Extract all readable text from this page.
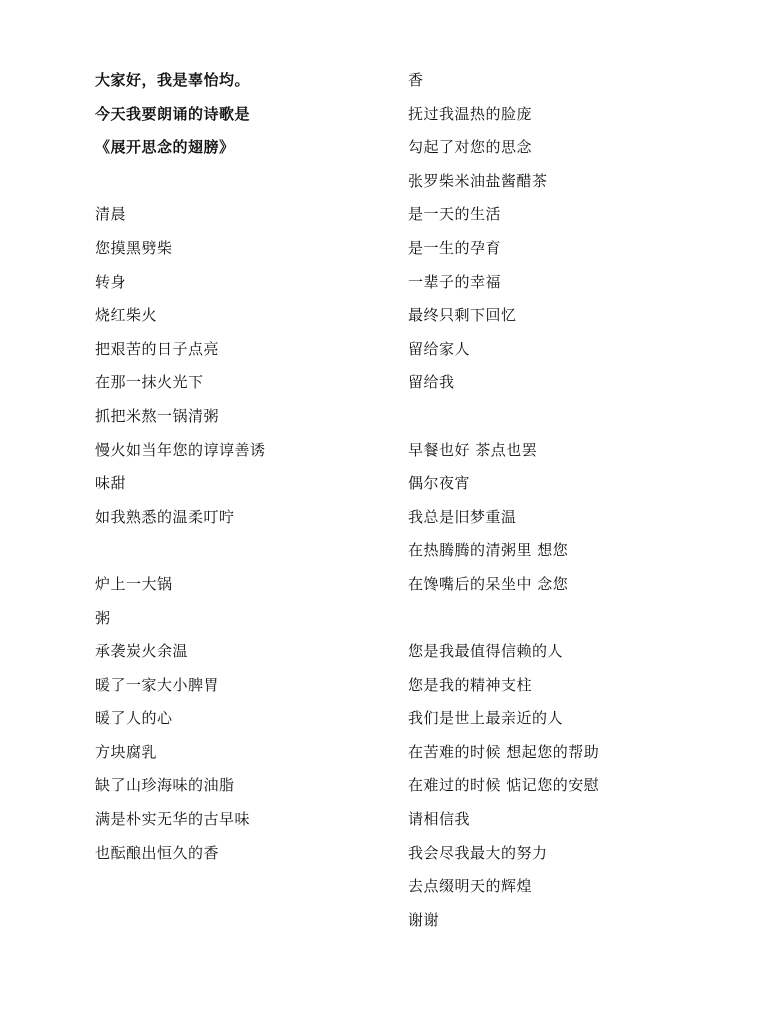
大家好，我是辜怡均。
今天我要朗诵的诗歌是
《展开思念的翅膀》
清晨
您摸黑劈柴
转身
烧红柴火
把艰苦的日子点亮
在那一抹火光下
抓把米熬一锅清粥
慢火如当年您的谆谆善诱
味甜
如我熟悉的温柔叮咛
炉上一大锅
粥
承袭炭火余温
暖了一家大小脾胃
暖了人的心
方块腐乳
缺了山珍海味的油脂
满是朴实无华的古早味
也酝酿出恒久的香
香
抚过我温热的脸庞
勾起了对您的思念
张罗柴米油盐酱醋茶
是一天的生活
是一生的孕育
一辈子的幸福
最终只剩下回忆
留给家人
留给我
早餐也好 茶点也罢
偶尔夜宵
我总是旧梦重温
在热腾腾的清粥里 想您
在馋嘴后的呆坐中 念您
您是我最值得信赖的人
您是我的精神支柱
我们是世上最亲近的人
在苦难的时候 想起您的帮助
在难过的时候 惦记您的安慰
请相信我
我会尽我最大的努力
去点缀明天的辉煌
谢谢
